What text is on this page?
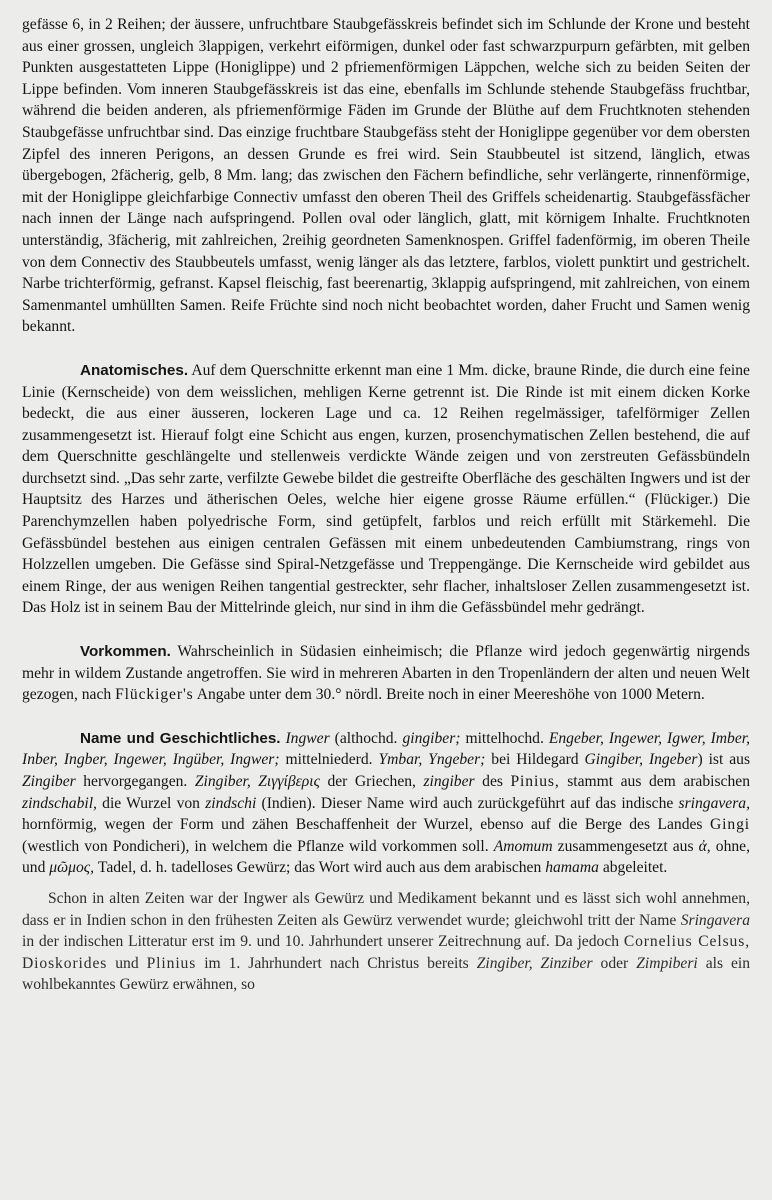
gefässe 6, in 2 Reihen; der äussere, unfruchtbare Staubgefässkreis befindet sich im Schlunde der Krone und besteht aus einer grossen, ungleich 3lappigen, verkehrt eiförmigen, dunkel oder fast schwarzpurpurn gefärbten, mit gelben Punkten ausgestatteten Lippe (Honiglippe) und 2 pfriemenförmigen Läppchen, welche sich zu beiden Seiten der Lippe befinden. Vom inneren Staubgefässkreis ist das eine, ebenfalls im Schlunde stehende Staubgefäss fruchtbar, während die beiden anderen, als pfriemenförmige Fäden im Grunde der Blüthe auf dem Fruchtknoten stehenden Staubgefässe unfruchtbar sind. Das einzige fruchtbare Staubgefäss steht der Honiglippe gegenüber vor dem obersten Zipfel des inneren Perigons, an dessen Grunde es frei wird. Sein Staubbeutel ist sitzend, länglich, etwas übergebogen, 2fächerig, gelb, 8 Mm. lang; das zwischen den Fächern befindliche, sehr verlängerte, rinnenförmige, mit der Honiglippe gleichfarbige Connectiv umfasst den oberen Theil des Griffels scheidenartig. Staubgefässfächer nach innen der Länge nach aufspringend. Pollen oval oder länglich, glatt, mit körnigem Inhalte. Fruchtknoten unterständig, 3fächerig, mit zahlreichen, 2reihig geordneten Samenknospen. Griffel fadenförmig, im oberen Theile von dem Connectiv des Staubbeutels umfasst, wenig länger als das letztere, farblos, violett punktirt und gestrichelt. Narbe trichterförmig, gefranst. Kapsel fleischig, fast beerenartig, 3klappig aufspringend, mit zahlreichen, von einem Samenmantel umhüllten Samen. Reife Früchte sind noch nicht beobachtet worden, daher Frucht und Samen wenig bekannt.

Anatomisches. Auf dem Querschnitte erkennt man eine 1 Mm. dicke, braune Rinde, die durch eine feine Linie (Kernscheide) von dem weisslichen, mehligen Kerne getrennt ist. Die Rinde ist mit einem dicken Korke bedeckt, die aus einer äusseren, lockeren Lage und ca. 12 Reihen regelmässiger, tafelförmiger Zellen zusammengesetzt ist. Hierauf folgt eine Schicht aus engen, kurzen, prosenchymatischen Zellen bestehend, die auf dem Querschnitte geschlängelte und stellenweis verdickte Wände zeigen und von zerstreuten Gefässbündeln durchsetzt sind. „Das sehr zarte, verfilzte Gewebe bildet die gestreifte Oberfläche des geschälten Ingwers und ist der Hauptsitz des Harzes und ätherischen Oeles, welche hier eigene grosse Räume erfüllen.“ (Flückiger.) Die Parenchymzellen haben polyedrische Form, sind getüpfelt, farblos und reich erfüllt mit Stärkemehl. Die Gefässbündel bestehen aus einigen centralen Gefässen mit einem unbedeutenden Cambiumstrang, rings von Holzzellen umgeben. Die Gefässe sind Spiral-Netzgefässe und Treppengänge. Die Kernscheide wird gebildet aus einem Ringe, der aus wenigen Reihen tangential gestreckter, sehr flacher, inhaltsloser Zellen zusammengesetzt ist. Das Holz ist in seinem Bau der Mittelrinde gleich, nur sind in ihm die Gefässbündel mehr gedrängt.

Vorkommen. Wahrscheinlich in Südasien einheimisch; die Pflanze wird jedoch gegenwärtig nirgends mehr in wildem Zustande angetroffen. Sie wird in mehreren Abarten in den Tropenländern der alten und neuen Welt gezogen, nach Flückiger's Angabe unter dem 30.° nördl. Breite noch in einer Meereshöhe von 1000 Metern.

Name und Geschichtliches. Ingwer (althochd. gingiber; mittelhochd. Engeber, Ingewer, Igwer, Imber, Inber, Ingber, Ingewer, Ingüber, Ingwer; mittelniederd. Ymbar, Yngeber; bei Hildegard Gingiber, Ingeber) ist aus Zingiber hervorgegangen. Zingiber, Ζιγγίβερις der Griechen, zingiber des Pinius, stammt aus dem arabischen zindschabil, die Wurzel von zindschi (Indien). Dieser Name wird auch zurückgeführt auf das indische sringavera, hornförmig, wegen der Form und zähen Beschaffenheit der Wurzel, ebenso auf die Berge des Landes Gingi (westlich von Pondicheri), in welchem die Pflanze wild vorkommen soll. Amomum zusammengesetzt aus ἀ, ohne, und μῶμος, Tadel, d. h. tadelloses Gewürz; das Wort wird auch aus dem arabischen hamama abgeleitet.

Schon in alten Zeiten war der Ingwer als Gewürz und Medikament bekannt und es lässt sich wohl annehmen, dass er in Indien schon in den frühesten Zeiten als Gewürz verwendet wurde; gleichwohl tritt der Name Sringavera in der indischen Litteratur erst im 9. und 10. Jahrhundert unserer Zeitrechnung auf. Da jedoch Cornelius Celsus, Dioskorides und Plinius im 1. Jahrhundert nach Christus bereits Zingiber, Zinziber oder Zimpiberi als ein wohlbekanntes Gewürz erwähnen, so
